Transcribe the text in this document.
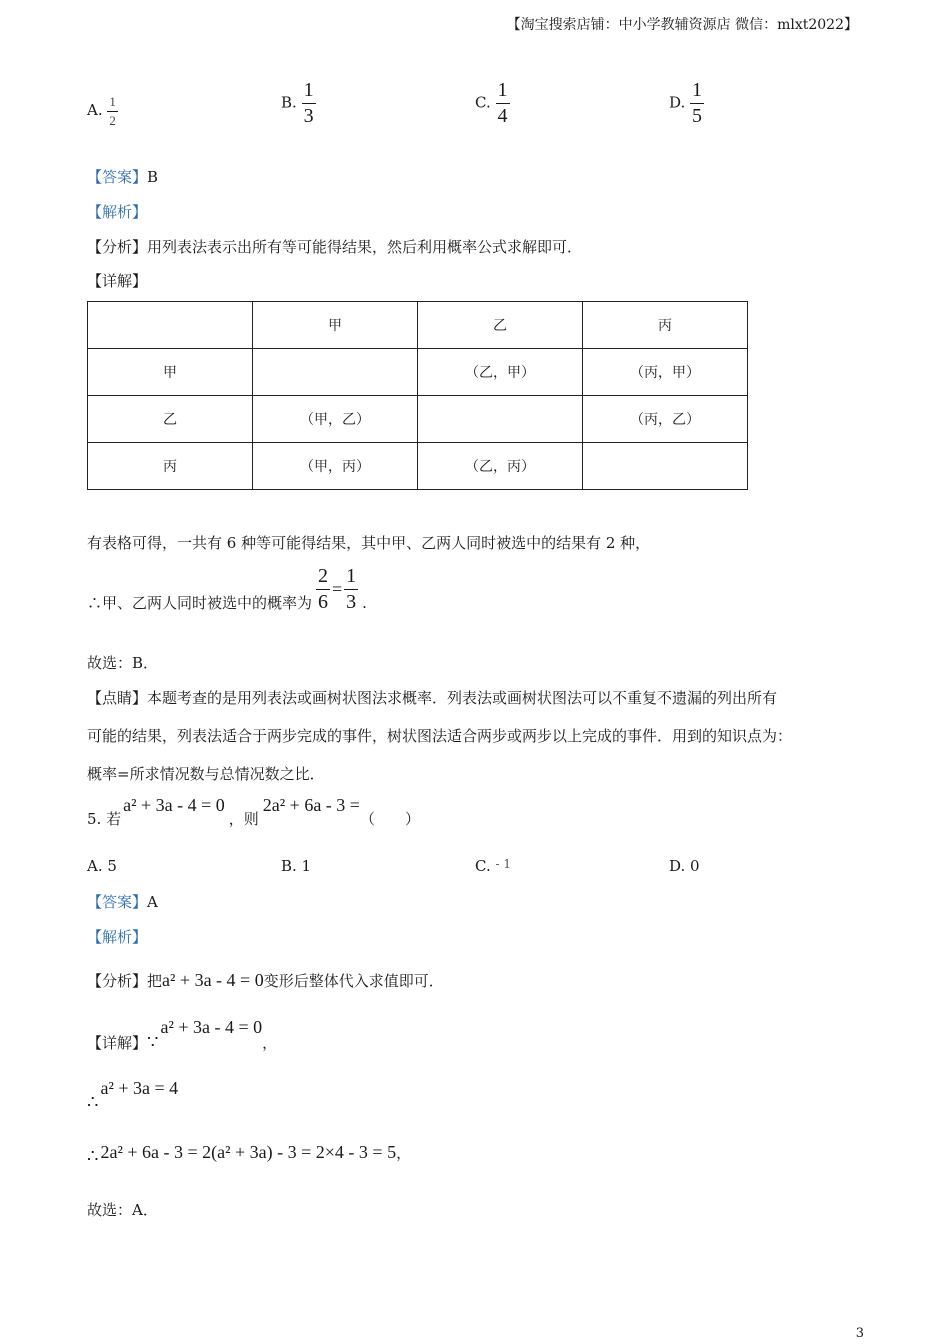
【淘宝搜索店铺：中小学教辅资源店 微信：mlxt2022】
A. $\frac{1}{2}$	B. $\frac{1}{3}$	C. $\frac{1}{4}$	D. $\frac{1}{5}$
【答案】B
【解析】
【分析】用列表法表示出所有等可能得结果，然后利用概率公式求解即可．
【详解】
	甲	乙	丙
甲		（乙，甲）	（丙，甲）
乙	（甲，乙）		（丙，乙）
丙	（甲，丙）	（乙，丙）	
有表格可得，一共有 6 种等可能得结果，其中甲、乙两人同时被选中的结果有 2 种，
∴甲、乙两人同时被选中的概率为 $\frac{2}{6} = \frac{1}{3}$ .
故选：B．
【点睛】本题考查的是用列表法或画树状图法求概率．列表法或画树状图法可以不重复不遗漏的列出所有
可能的结果，列表法适合于两步完成的事件，树状图法适合两步或两步以上完成的事件．用到的知识点为：
概率=所求情况数与总情况数之比．
5. 若
a² + 3a - 4 = 0
，则
2a² + 6a - 3 =
（　　）
A. 5	B. 1	C. $^{- 1}$	D. 0
【答案】A
【解析】
【分析】 把 a² + 3a - 4 = 0 变形后整体代入求值即可．
【详解】 ∵
a² + 3a - 4 = 0
，
∴
a² + 3a = 4
∴ 2a² + 6a - 3 = 2(a² + 3a) - 3 = 2×4 - 3 = 5 ，
故选：A．
3
